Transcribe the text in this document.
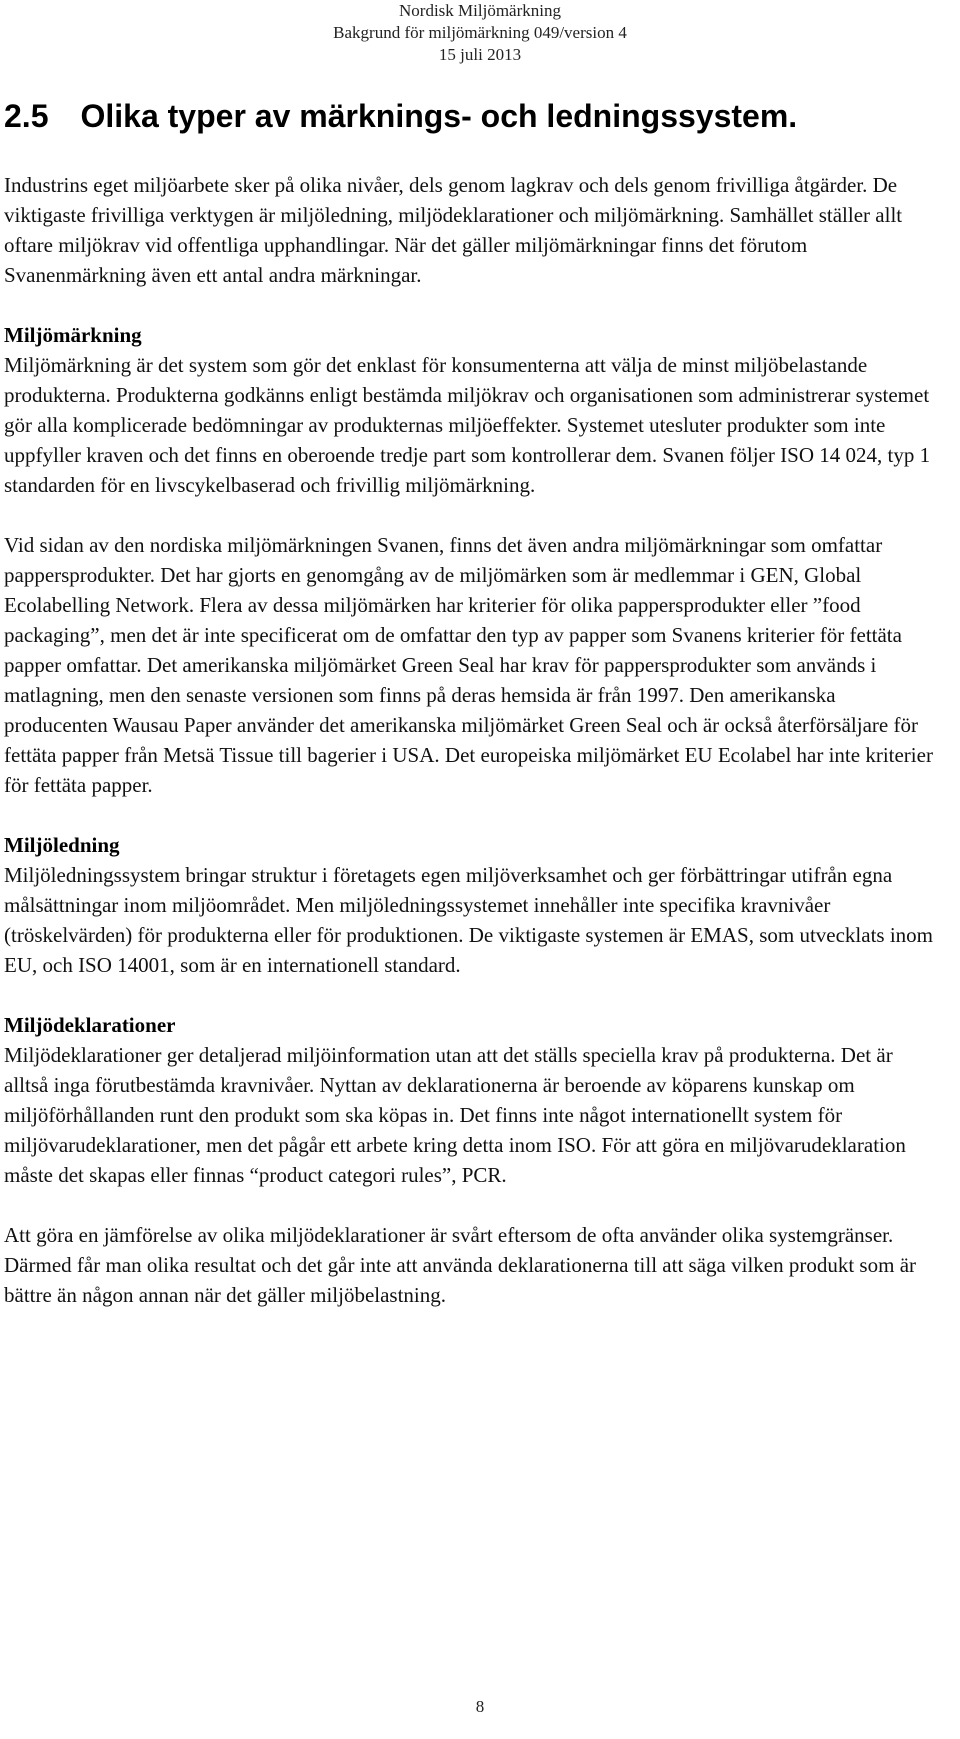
Nordisk Miljömärkning
Bakgrund för miljömärkning 049/version 4
15 juli 2013
2.5 Olika typer av märknings- och ledningssystem.

Industrins eget miljöarbete sker på olika nivåer, dels genom lagkrav och dels genom frivilliga åtgärder. De viktigaste frivilliga verktygen är miljöledning, miljödeklarationer och miljömärkning. Samhället ställer allt oftare miljökrav vid offentliga upphandlingar. När det gäller miljömärkningar finns det förutom Svanenmärkning även ett antal andra märkningar.

Miljömärkning

Miljömärkning är det system som gör det enklast för konsumenterna att välja de minst miljöbelastande produkterna. Produkterna godkänns enligt bestämda miljökrav och organisationen som administrerar systemet gör alla komplicerade bedömningar av produkternas miljöeffekter. Systemet utesluter produkter som inte uppfyller kraven och det finns en oberoende tredje part som kontrollerar dem. Svanen följer ISO 14 024, typ 1 standarden för en livscykelbaserad och frivillig miljömärkning.

Vid sidan av den nordiska miljömärkningen Svanen, finns det även andra miljömärkningar som omfattar pappersprodukter. Det har gjorts en genomgång av de miljömärken som är medlemmar i GEN, Global Ecolabelling Network. Flera av dessa miljömärken har kriterier för olika pappersprodukter eller ”food packaging”, men det är inte specificerat om de omfattar den typ av papper som Svanens kriterier för fettäta papper omfattar. Det amerikanska miljömärket Green Seal har krav för pappersprodukter som används i matlagning, men den senaste versionen som finns på deras hemsida är från 1997. Den amerikanska producenten Wausau Paper använder det amerikanska miljömärket Green Seal och är också återförsäljare för fettäta papper från Metsä Tissue till bagerier i USA. Det europeiska miljömärket EU Ecolabel har inte kriterier för fettäta papper.

Miljöledning

Miljöledningssystem bringar struktur i företagets egen miljöverksamhet och ger förbättringar utifrån egna målsättningar inom miljöområdet. Men miljöledningssystemet innehåller inte specifika kravnivåer (tröskelvärden) för produkterna eller för produktionen. De viktigaste systemen är EMAS, som utvecklats inom EU, och ISO 14001, som är en internationell standard.

Miljödeklarationer

Miljödeklarationer ger detaljerad miljöinformation utan att det ställs speciella krav på produkterna. Det är alltså inga förutbestämda kravnivåer. Nyttan av deklarationerna är beroende av köparens kunskap om miljöförhållanden runt den produkt som ska köpas in. Det finns inte något internationellt system för miljövarudeklarationer, men det pågår ett arbete kring detta inom ISO. För att göra en miljövarudeklaration måste det skapas eller finnas “product categori rules”, PCR.

Att göra en jämförelse av olika miljödeklarationer är svårt eftersom de ofta använder olika systemgränser. Därmed får man olika resultat och det går inte att använda deklarationerna till att säga vilken produkt som är bättre än någon annan när det gäller miljöbelastning.

8
